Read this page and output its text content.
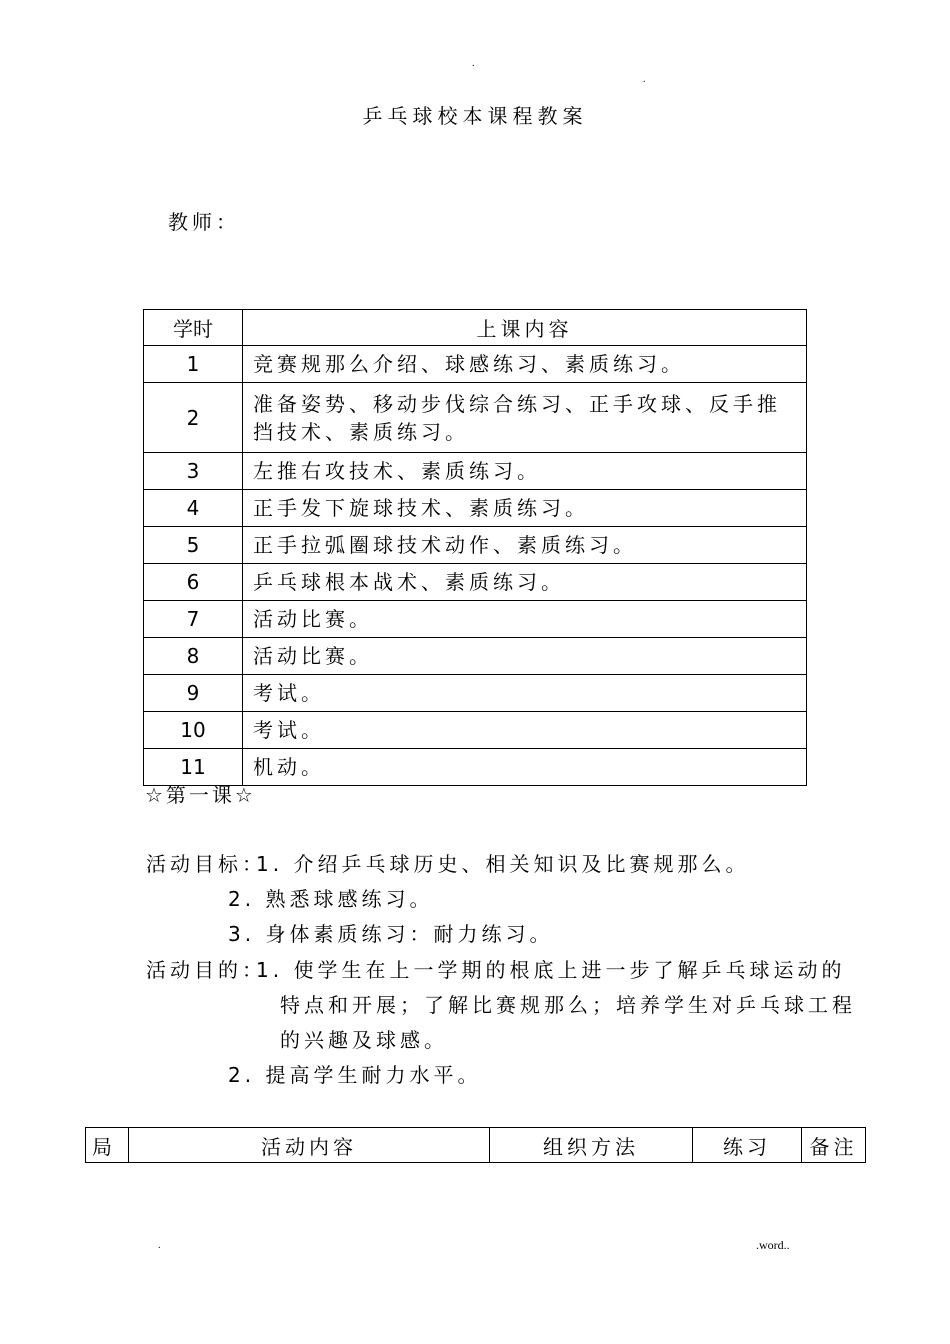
.
.
乒乓球校本课程教案
教师：
学时	上课内容
1	竞赛规那么介绍、球感练习、素质练习。
2	准备姿势、移动步伐综合练习、正手攻球、反手推挡技术、素质练习。
3	左推右攻技术、素质练习。
4	正手发下旋球技术、素质练习。
5	正手拉弧圈球技术动作、素质练习。
6	乒乓球根本战术、素质练习。
7	活动比赛。
8	活动比赛。
9	考试。
10	考试。
11	机动。
☆第一课☆
活动目标：
1. 介绍乒乓球历史、相关知识及比赛规那么。
2. 熟悉球感练习。
3. 身体素质练习：耐力练习。
活动目的：
1. 使学生在上一学期的根底上进一步了解乒乓球运动的
特点和开展；了解比赛规那么；培养学生对乒乓球工程
的兴趣及球感。
2. 提高学生耐力水平。
局	活动内容	组织方法	练习	备注
.	.word..
